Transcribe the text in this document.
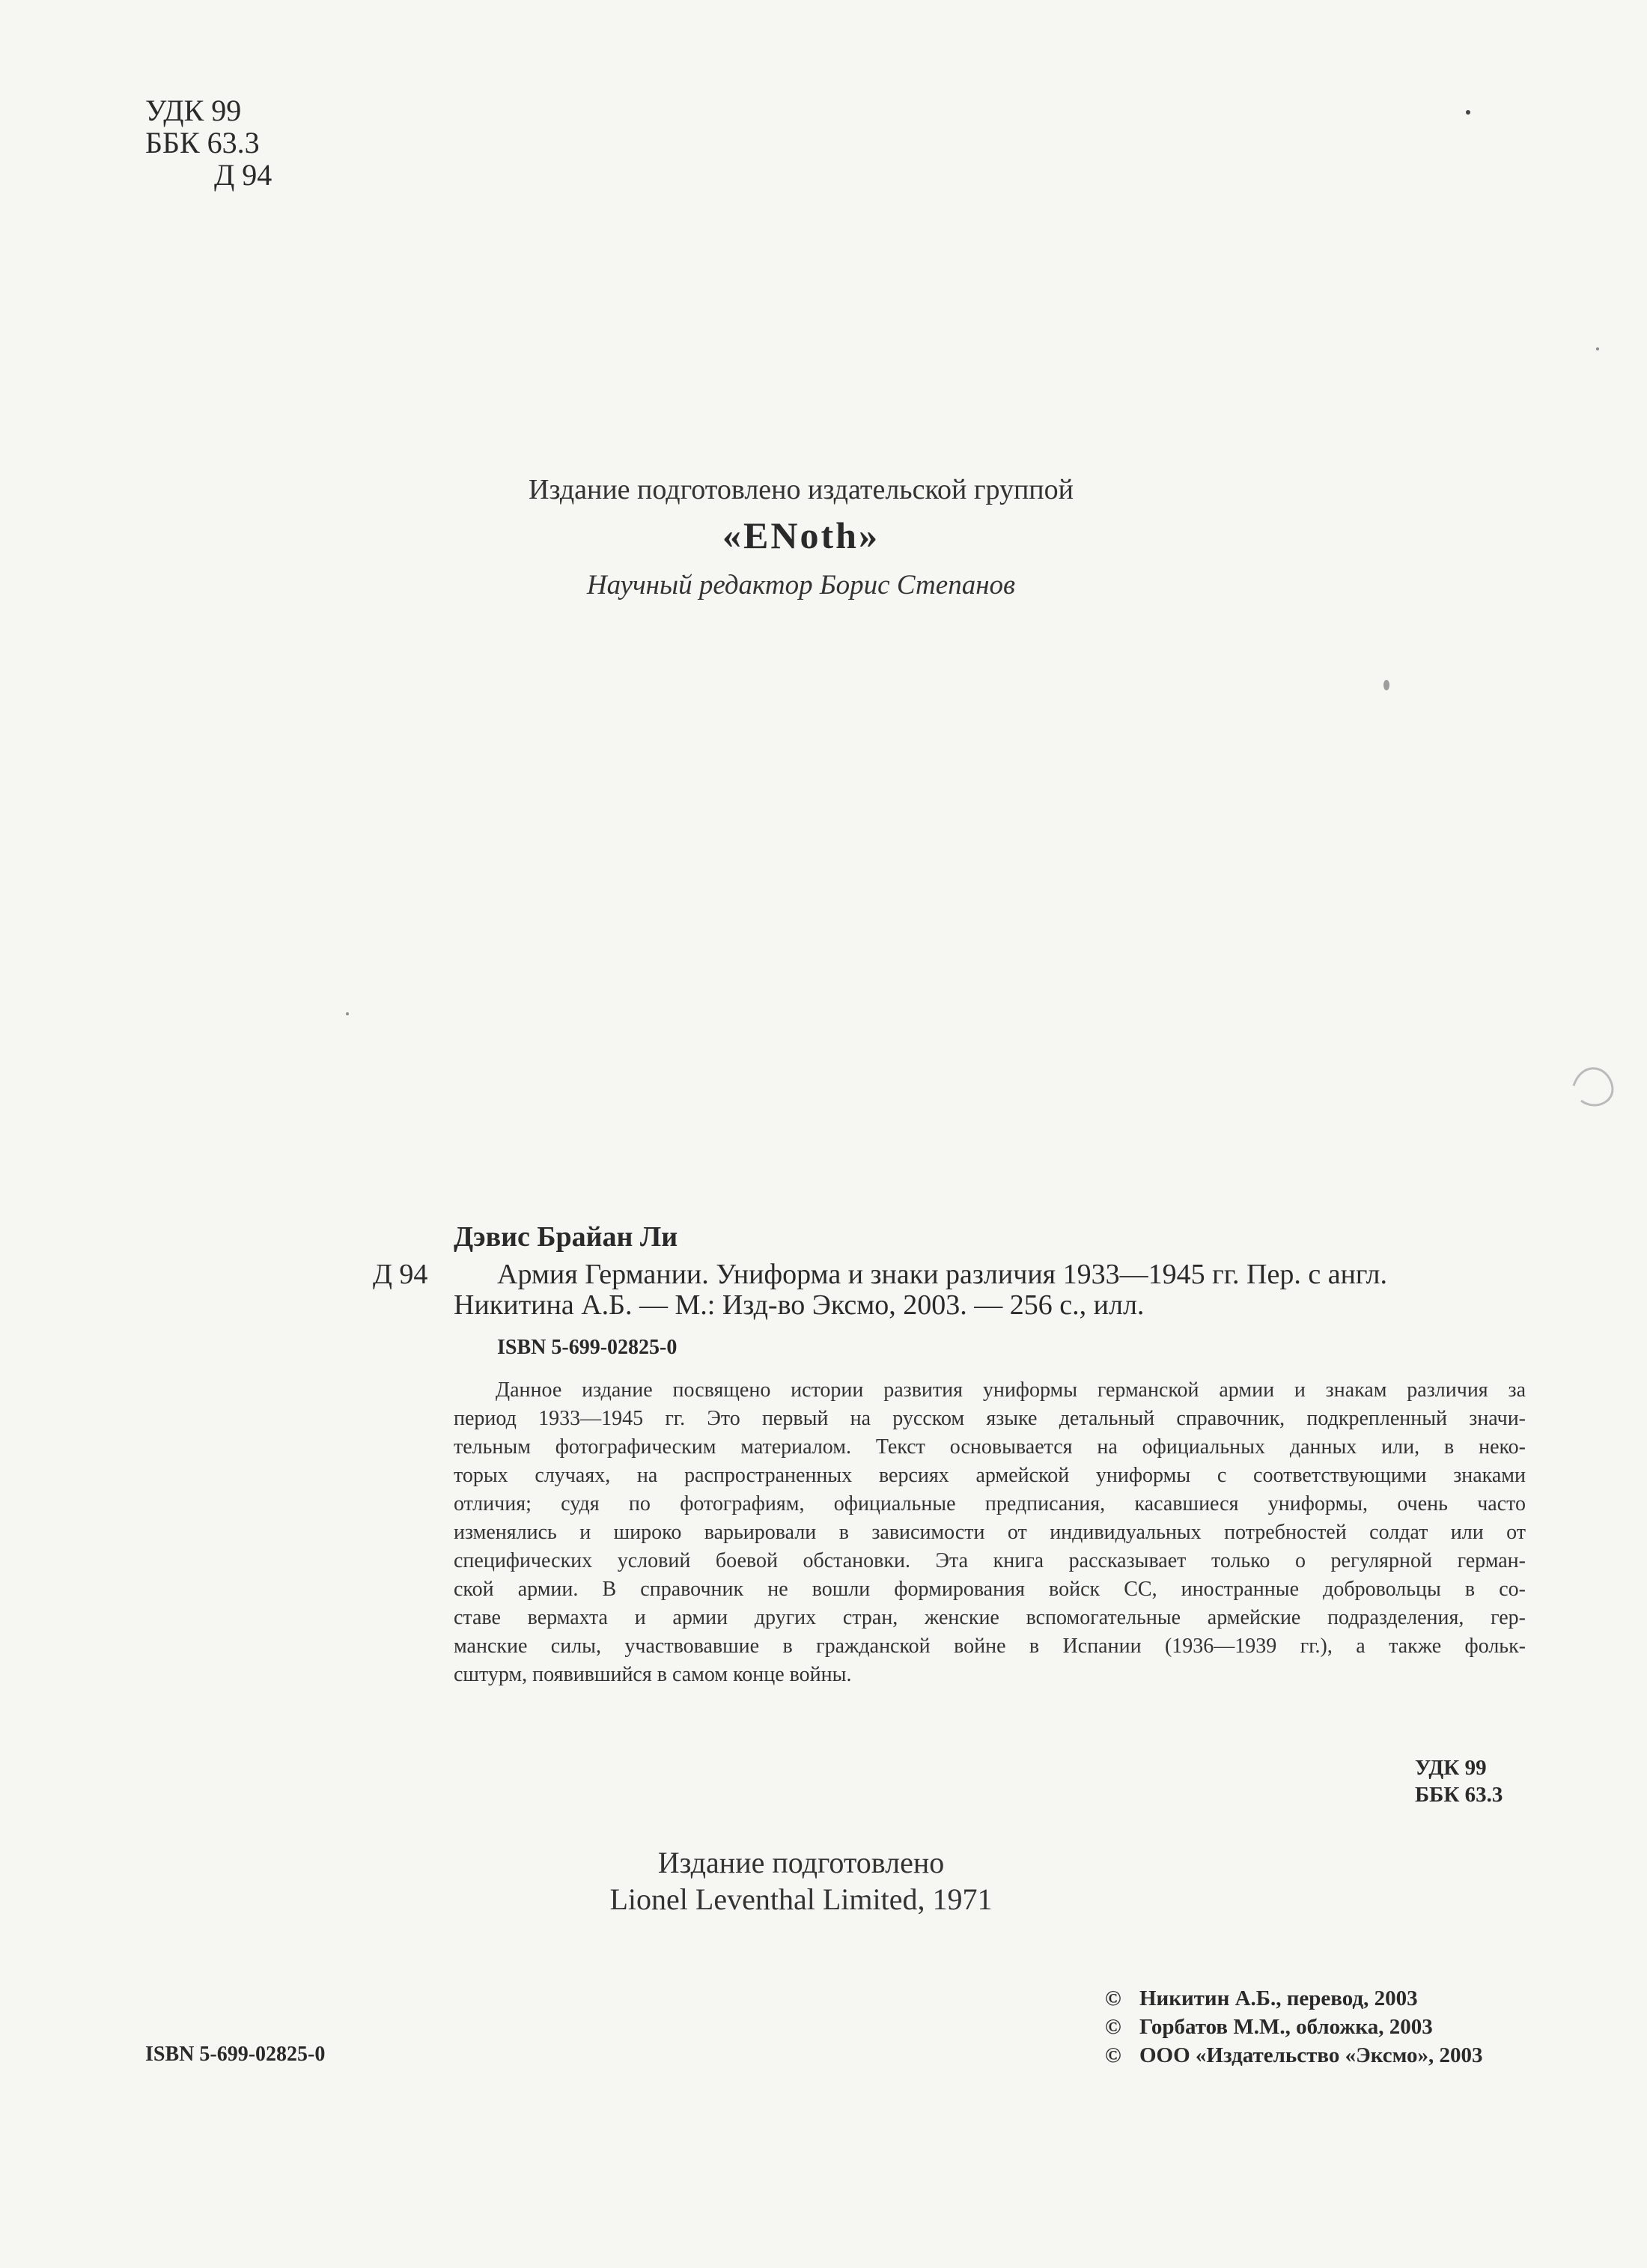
УДК 99
ББК 63.3
Д 94
Издание подготовлено издательской группой
«ENoth»
Научный редактор Борис Степанов
Дэвис Брайан Ли
Д 94 Армия Германии. Униформа и знаки различия 1933—1945 гг. Пер. с англ.
Никитина А.Б. — М.: Изд-во Эксмо, 2003. — 256 с., илл.
ISBN 5-699-02825-0
Данное издание посвящено истории развития униформы германской армии и знакам различия за
период 1933—1945 гг. Это первый на русском языке детальный справочник, подкрепленный значи-
тельным фотографическим материалом. Текст основывается на официальных данных или, в неко-
торых случаях, на распространенных версиях армейской униформы с соответствующими знаками
отличия; судя по фотографиям, официальные предписания, касавшиеся униформы, очень часто
изменялись и широко варьировали в зависимости от индивидуальных потребностей солдат или от
специфических условий боевой обстановки. Эта книга рассказывает только о регулярной герман-
ской армии. В справочник не вошли формирования войск СС, иностранные добровольцы в со-
ставе вермахта и армии других стран, женские вспомогательные армейские подразделения, гер-
манские силы, участвовавшие в гражданской войне в Испании (1936—1939 гг.), а также фольк-
сштурм, появившийся в самом конце войны.
УДК 99
ББК 63.3
Издание подготовлено
Lionel Leventhal Limited, 1971
ISBN 5-699-02825-0
© Никитин А.Б., перевод, 2003
© Горбатов М.М., обложка, 2003
© ООО «Издательство «Эксмо», 2003
